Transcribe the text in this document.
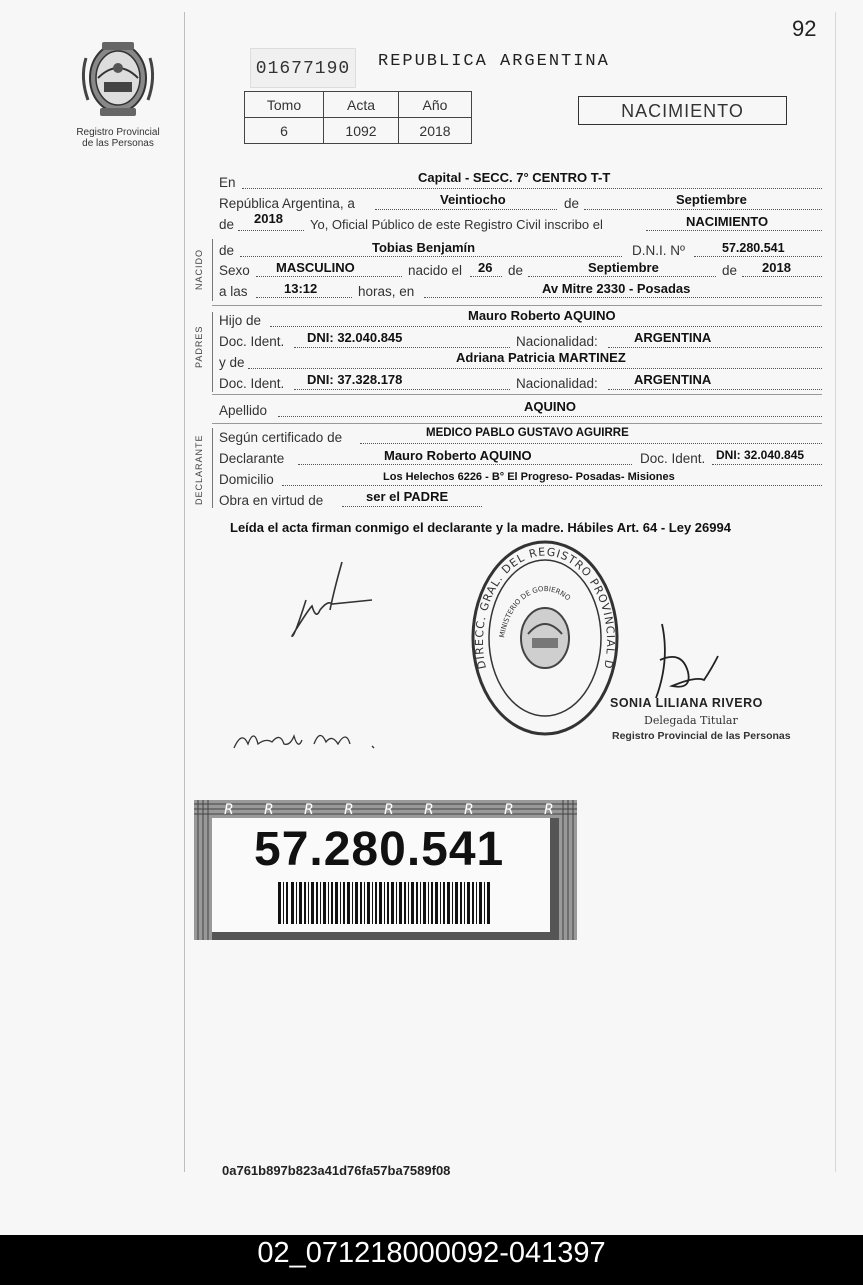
92
Registro Provincial
de las Personas
01677190	REPUBLICA ARGENTINA
Tomo	Acta	Año
6	1092	2018
NACIMIENTO
En	Capital - SECC. 7° CENTRO T-T
República Argentina, a	Veintiocho	de	Septiembre
de 2018 Yo, Oficial Público de este Registro Civil inscribo el	NACIMIENTO
NACIDO de	Tobias Benjamín	D.N.I. Nº	57.280.541
Sexo MASCULINO	nacido el 26 de	Septiembre	de 2018
a las	13:12	horas, en	Av Mitre 2330 - Posadas
PADRES
Hijo de	Mauro Roberto AQUINO
Doc. Ident. DNI: 32.040.845	Nacionalidad:	ARGENTINA
y de	Adriana Patricia MARTINEZ
Doc. Ident. DNI: 37.328.178	Nacionalidad:	ARGENTINA
Apellido	AQUINO
DECLARANTE Según certificado de	MEDICO PABLO GUSTAVO AGUIRRE
Declarante	Mauro Roberto AQUINO	Doc. Ident. DNI: 32.040.845
Domicilio	Los Helechos 6226 - B° El Progreso- Posadas- Misiones
Obra en virtud de	ser el PADRE
Leída el acta firman conmigo el declarante y la madre. Hábiles Art. 64 - Ley 26994
DIRECC. GRAL. DEL REGISTRO PROVINCIAL D
MINISTERIO DE GOBIERNO
SONIA LILIANA RIVERO
Delegada Titular
Registro Provincial de las Personas
R R R R R R R R R
57.280.541
0a761b897b823a41d76fa57ba7589f08
02_071218000092-041397
